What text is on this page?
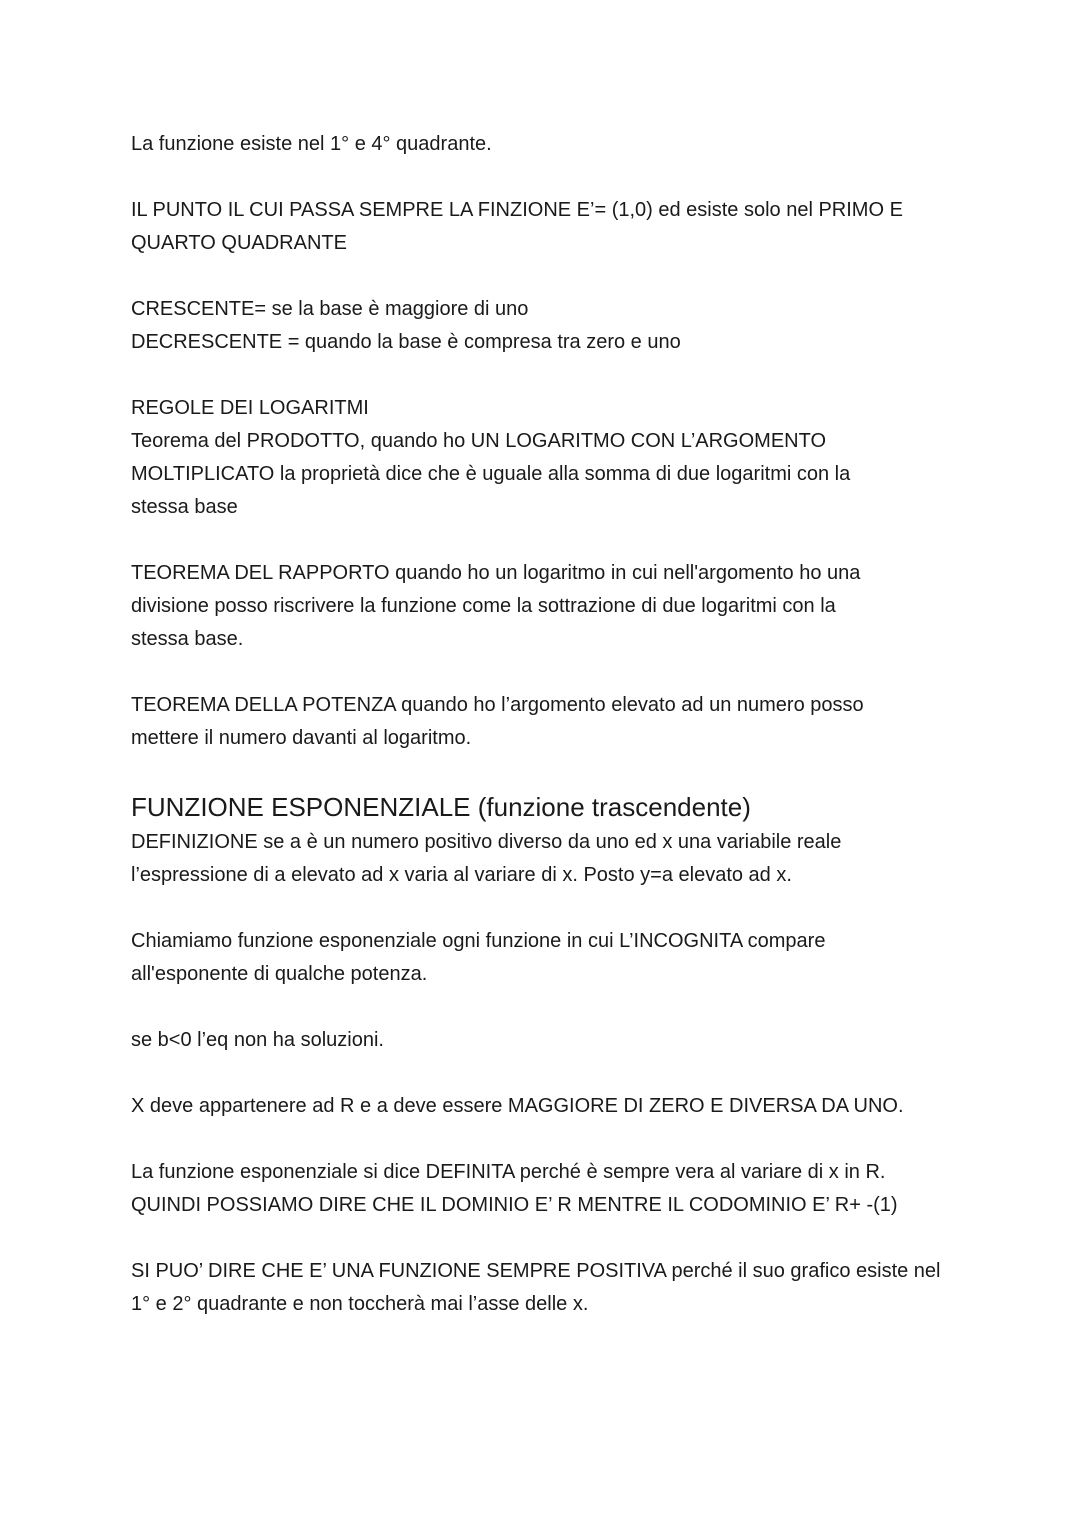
La funzione esiste nel 1° e 4° quadrante.

IL PUNTO IL CUI PASSA SEMPRE LA FINZIONE E’= (1,0) ed esiste solo nel PRIMO E
QUARTO QUADRANTE

CRESCENTE= se la base è maggiore di uno
DECRESCENTE = quando la base è compresa tra zero e uno

REGOLE DEI LOGARITMI
Teorema del PRODOTTO, quando ho UN LOGARITMO CON L’ARGOMENTO
MOLTIPLICATO la proprietà dice che è uguale alla somma di due logaritmi con la
stessa base

TEOREMA DEL RAPPORTO quando ho un logaritmo in cui nell'argomento ho una
divisione posso riscrivere la funzione come la sottrazione di due logaritmi con la
stessa base.

TEOREMA DELLA POTENZA quando ho l’argomento elevato ad un numero posso
mettere il numero davanti al logaritmo.

FUNZIONE ESPONENZIALE (funzione trascendente)

DEFINIZIONE se a è un numero positivo diverso da uno ed x una variabile reale
l’espressione di a elevato ad x varia al variare di x. Posto y=a elevato ad x.

Chiamiamo funzione esponenziale ogni funzione in cui L’INCOGNITA compare
all'esponente di qualche potenza.

se b<0 l’eq non ha soluzioni.

X deve appartenere ad R e a deve essere MAGGIORE DI ZERO E DIVERSA DA UNO.

La funzione esponenziale si dice DEFINITA perché è sempre vera al variare di x in R.
QUINDI POSSIAMO DIRE CHE IL DOMINIO E’ R MENTRE IL CODOMINIO E’ R+ -(1)

SI PUO’ DIRE CHE E’ UNA FUNZIONE SEMPRE POSITIVA perché il suo grafico esiste nel
1° e 2° quadrante e non toccherà mai l’asse delle x.
